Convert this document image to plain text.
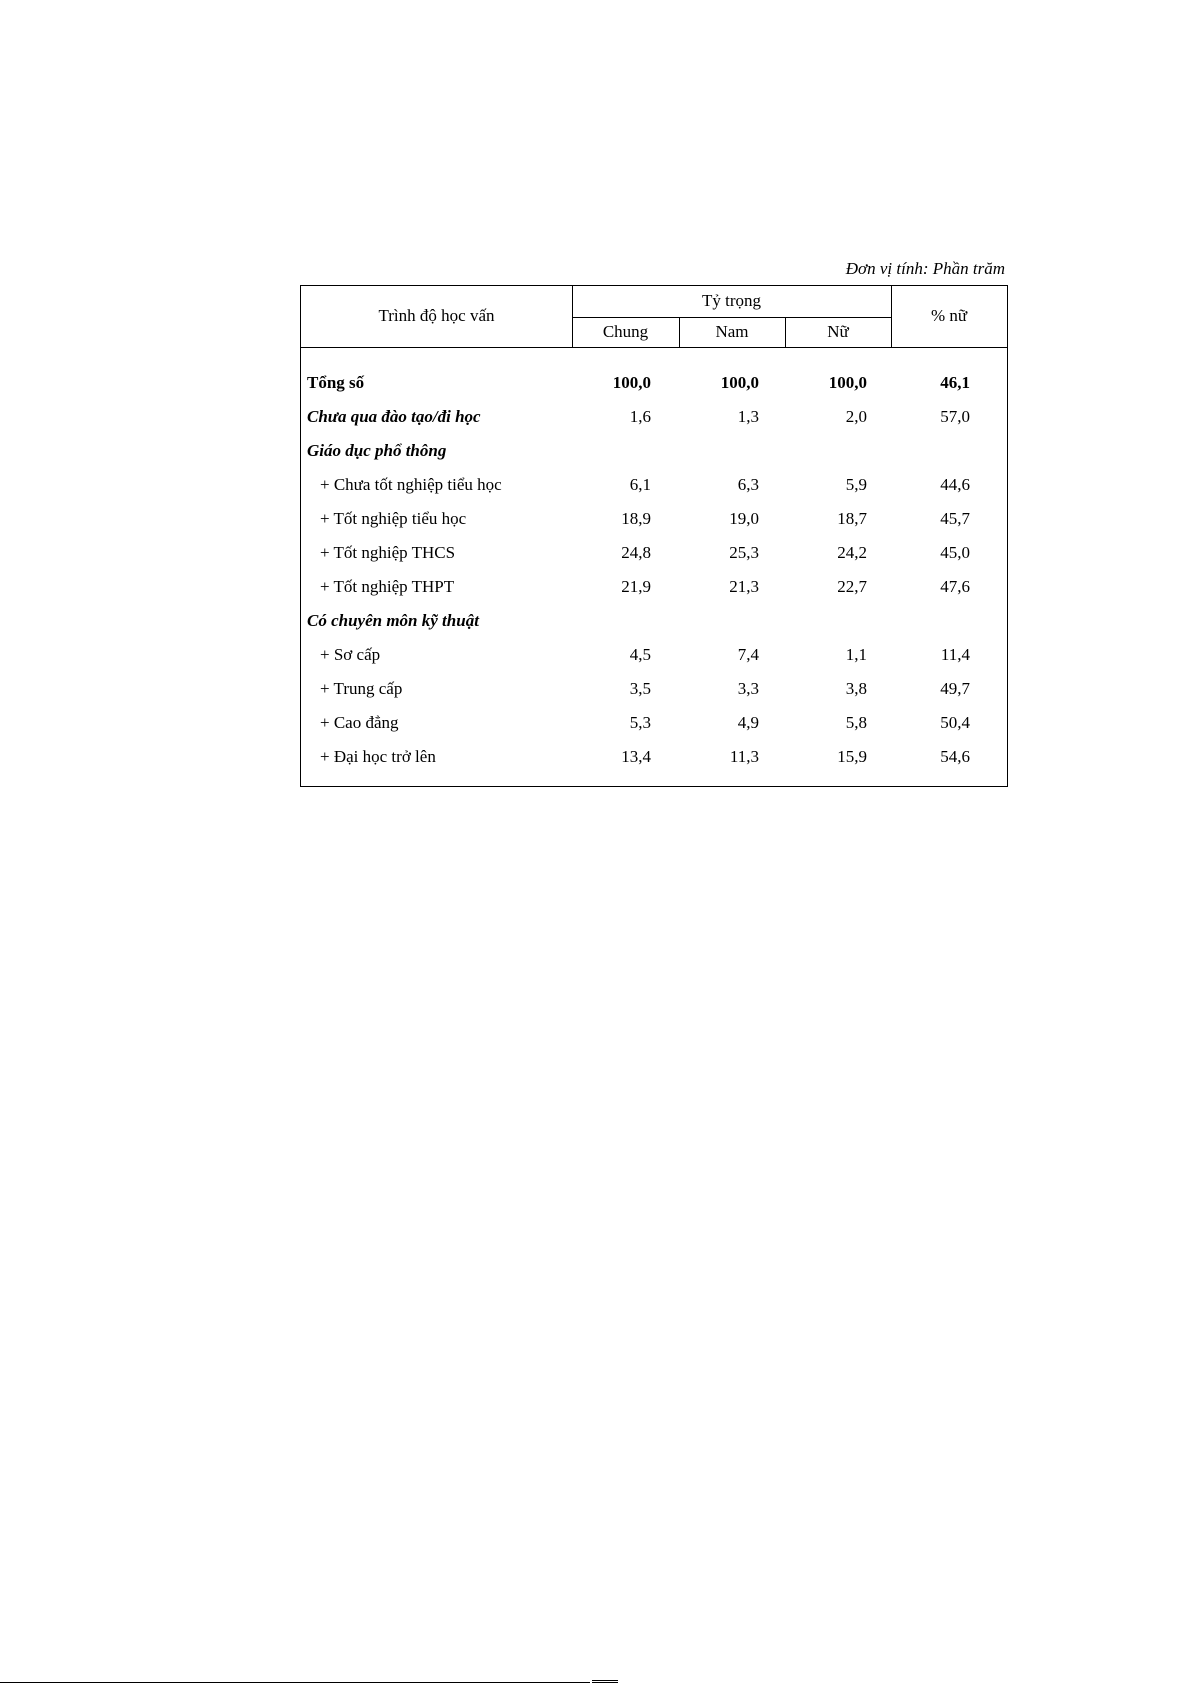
Đơn vị tính: Phần trăm
Trình độ học vấn
Tỷ trọng
Chung	Nam	Nữ
% nữ
Tổng số	100,0	100,0	100,0	46,1
Chưa qua đào tạo/đi học	1,6	1,3	2,0	57,0
Giáo dục phổ thông
+ Chưa tốt nghiệp tiểu học	6,1	6,3	5,9	44,6
+ Tốt nghiệp tiểu học	18,9	19,0	18,7	45,7
+ Tốt nghiệp THCS	24,8	25,3	24,2	45,0
+ Tốt nghiệp THPT	21,9	21,3	22,7	47,6
Có chuyên môn kỹ thuật
+ Sơ cấp	4,5	7,4	1,1	11,4
+ Trung cấp	3,5	3,3	3,8	49,7
+ Cao đẳng	5,3	4,9	5,8	50,4
+ Đại học trở lên	13,4	11,3	15,9	54,6
